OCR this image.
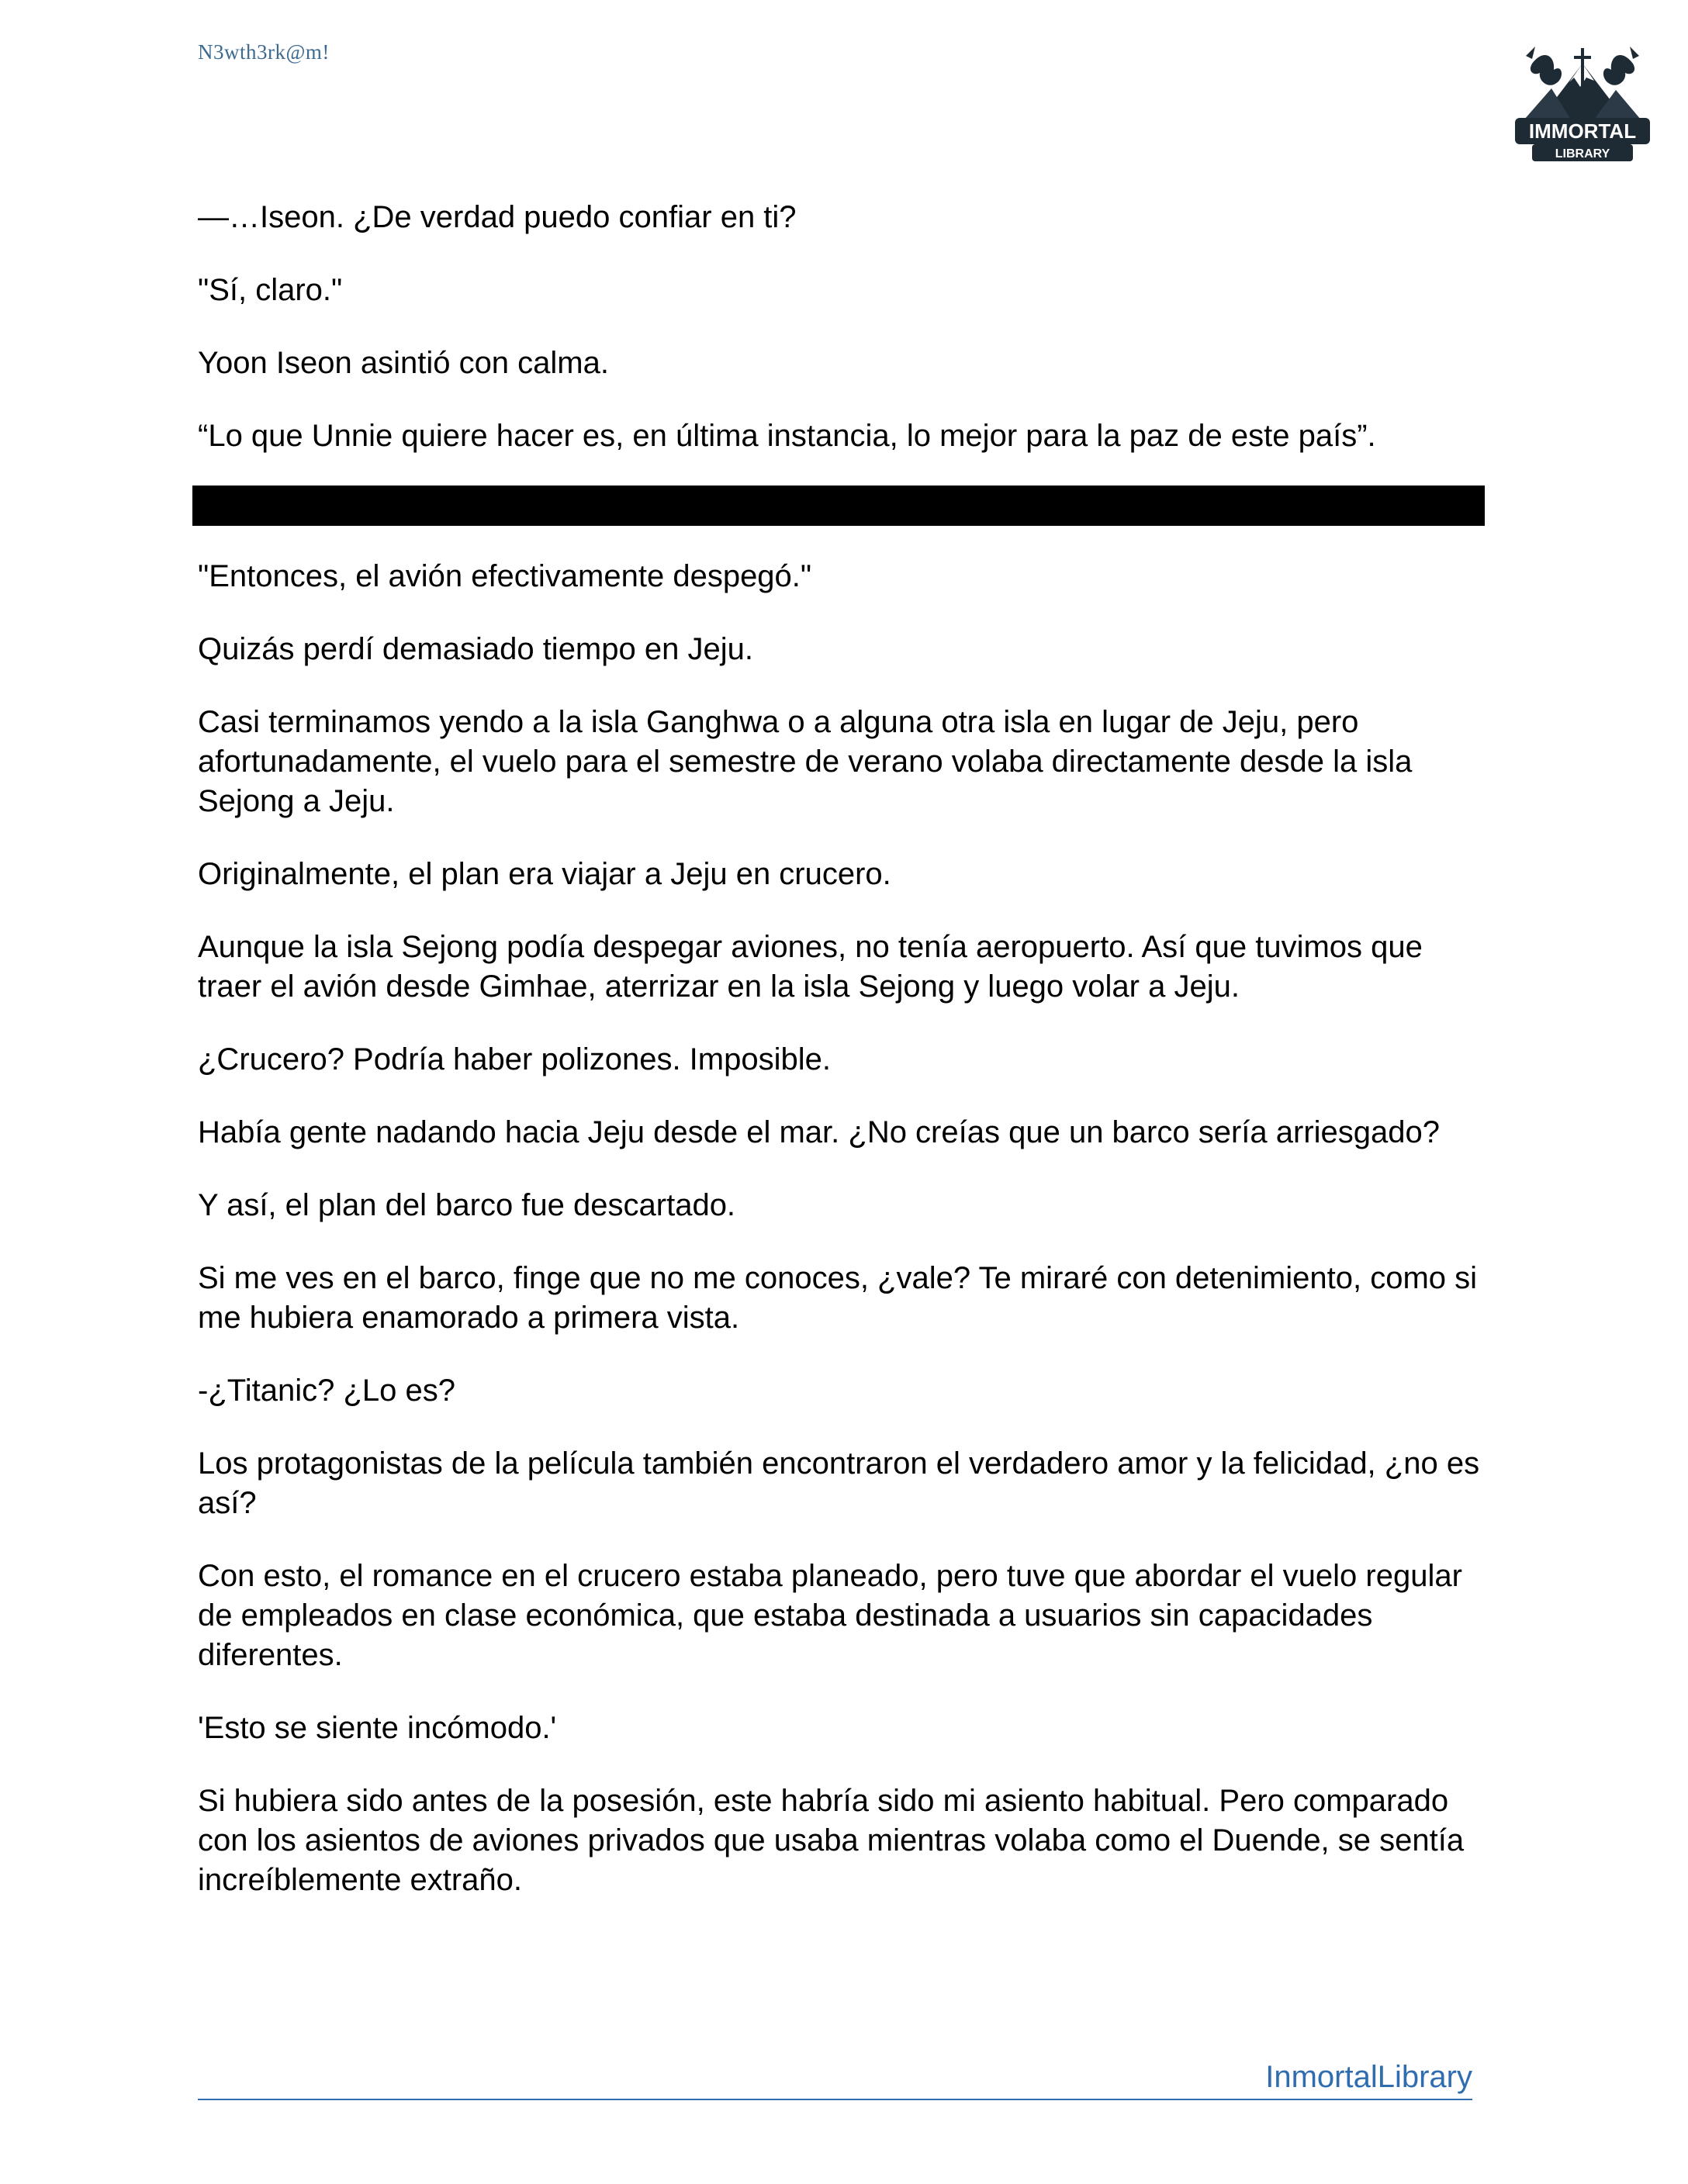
N3wth3rk@m!
IMMORTAL
LIBRARY

—…Iseon. ¿De verdad puedo confiar en ti?

"Sí, claro."

Yoon Iseon asintió con calma.

“Lo que Unnie quiere hacer es, en última instancia, lo mejor para la paz de este país”.

"Entonces, el avión efectivamente despegó."

Quizás perdí demasiado tiempo en Jeju.

Casi terminamos yendo a la isla Ganghwa o a alguna otra isla en lugar de Jeju, pero afortunadamente, el vuelo para el semestre de verano volaba directamente desde la isla Sejong a Jeju.

Originalmente, el plan era viajar a Jeju en crucero.

Aunque la isla Sejong podía despegar aviones, no tenía aeropuerto. Así que tuvimos que traer el avión desde Gimhae, aterrizar en la isla Sejong y luego volar a Jeju.

¿Crucero? Podría haber polizones. Imposible.

Había gente nadando hacia Jeju desde el mar. ¿No creías que un barco sería arriesgado?

Y así, el plan del barco fue descartado.

Si me ves en el barco, finge que no me conoces, ¿vale? Te miraré con detenimiento, como si me hubiera enamorado a primera vista.

-¿Titanic? ¿Lo es?

Los protagonistas de la película también encontraron el verdadero amor y la felicidad, ¿no es así?

Con esto, el romance en el crucero estaba planeado, pero tuve que abordar el vuelo regular de empleados en clase económica, que estaba destinada a usuarios sin capacidades diferentes.

'Esto se siente incómodo.'

Si hubiera sido antes de la posesión, este habría sido mi asiento habitual. Pero comparado con los asientos de aviones privados que usaba mientras volaba como el Duende, se sentía increíblemente extraño.

InmortalLibrary
